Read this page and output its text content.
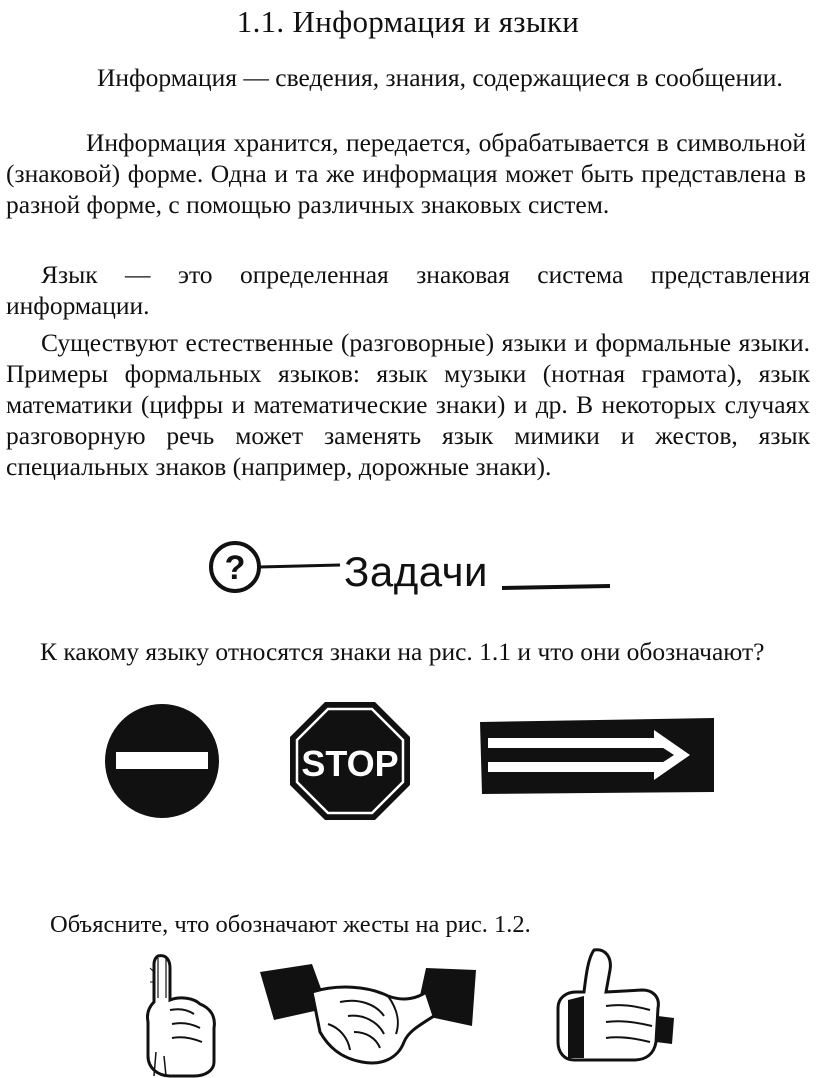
1.1. Информация и языки
Информация — сведения, знания, содержащиеся в сообщении.
Информация хранится, передается, обрабатывается в символьной (знаковой) форме. Одна и та же информация может быть представлена в разной форме, с помощью различных знаковых систем.
Язык — это определенная знаковая система представления информации.
Существуют естественные (разговорные) языки и формальные языки. Примеры формальных языков: язык музыки (нотная грамота), язык математики (цифры и математические знаки) и др. В некоторых случаях разговорную речь может заменять язык мимики и жестов, язык специальных знаков (например, дорожные знаки).
? Задачи
К какому языку относятся знаки на рис. 1.1 и что они обозначают?
STOP
Объясните, что обозначают жесты на рис. 1.2.
